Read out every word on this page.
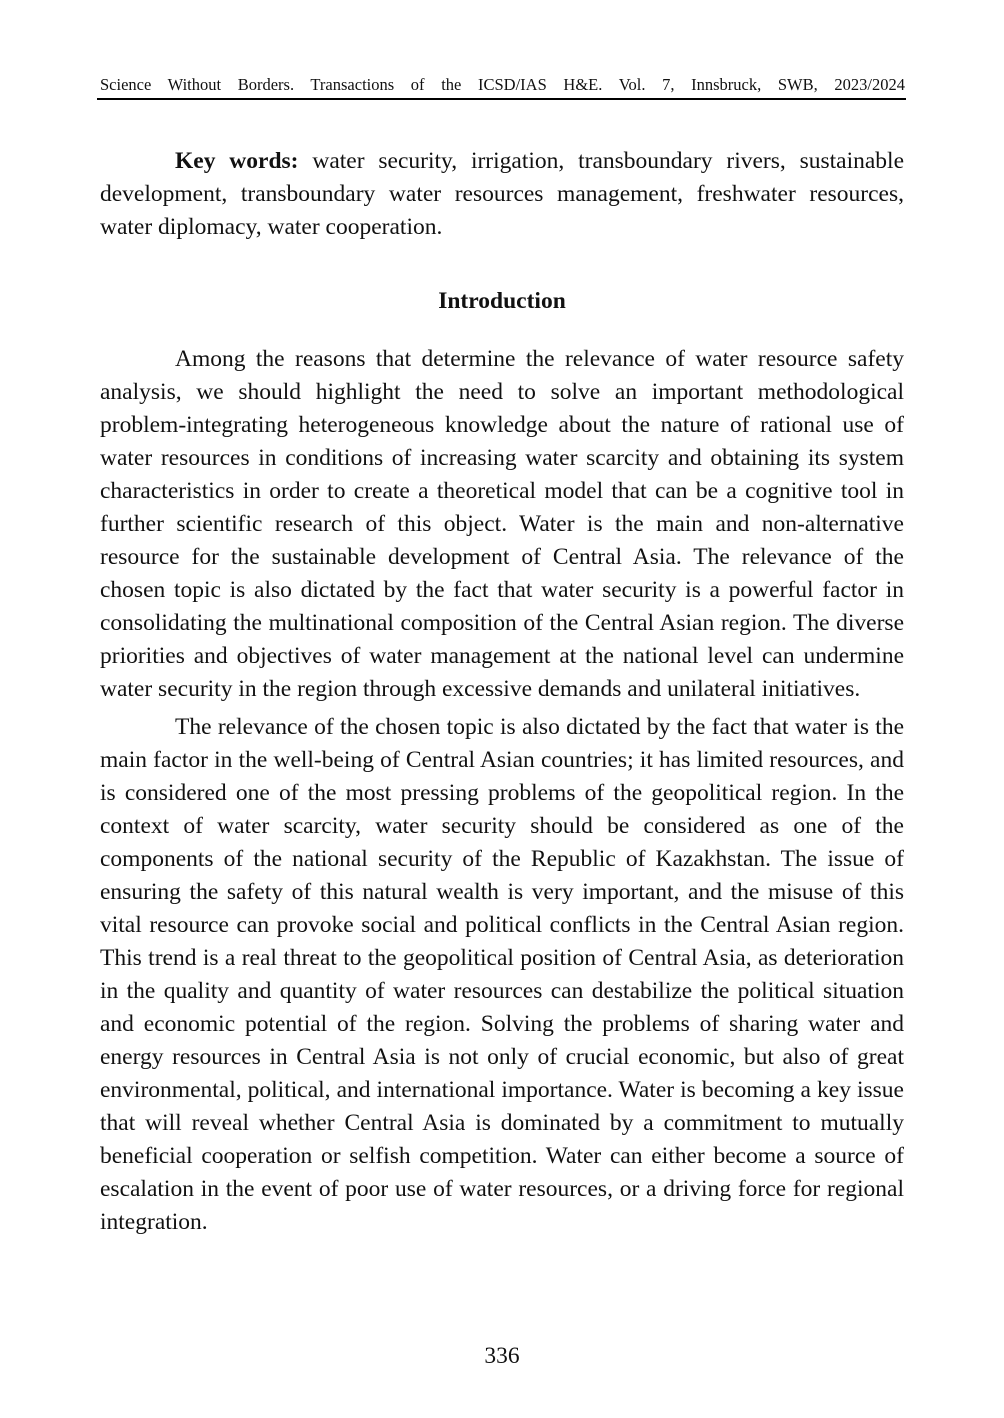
Science Without Borders. Transactions of the ICSD/IAS H&E. Vol. 7, Innsbruck, SWB, 2023/2024

Key words: water security, irrigation, transboundary rivers, sustainable development, transboundary water resources management, freshwater resources, water diplomacy, water cooperation.

Introduction

Among the reasons that determine the relevance of water resource safety analysis, we should highlight the need to solve an important methodological problem-integrating heterogeneous knowledge about the nature of rational use of water resources in conditions of increasing water scarcity and obtaining its system characteristics in order to create a theoretical model that can be a cognitive tool in further scientific research of this object. Water is the main and non-alternative resource for the sustainable development of Central Asia. The relevance of the chosen topic is also dictated by the fact that water security is a powerful factor in consolidating the multinational composition of the Central Asian region. The diverse priorities and objectives of water management at the national level can undermine water security in the region through excessive demands and unilateral initiatives.

The relevance of the chosen topic is also dictated by the fact that water is the main factor in the well-being of Central Asian countries; it has limited resources, and is considered one of the most pressing problems of the geopolitical region. In the context of water scarcity, water security should be considered as one of the components of the national security of the Republic of Kazakhstan. The issue of ensuring the safety of this natural wealth is very important, and the misuse of this vital resource can provoke social and political conflicts in the Central Asian region. This trend is a real threat to the geopolitical position of Central Asia, as deterioration in the quality and quantity of water resources can destabilize the political situation and economic potential of the region. Solving the problems of sharing water and energy resources in Central Asia is not only of crucial economic, but also of great environmental, political, and international importance. Water is becoming a key issue that will reveal whether Central Asia is dominated by a commitment to mutually beneficial cooperation or selfish competition. Water can either become a source of escalation in the event of poor use of water resources, or a driving force for regional integration.

336
